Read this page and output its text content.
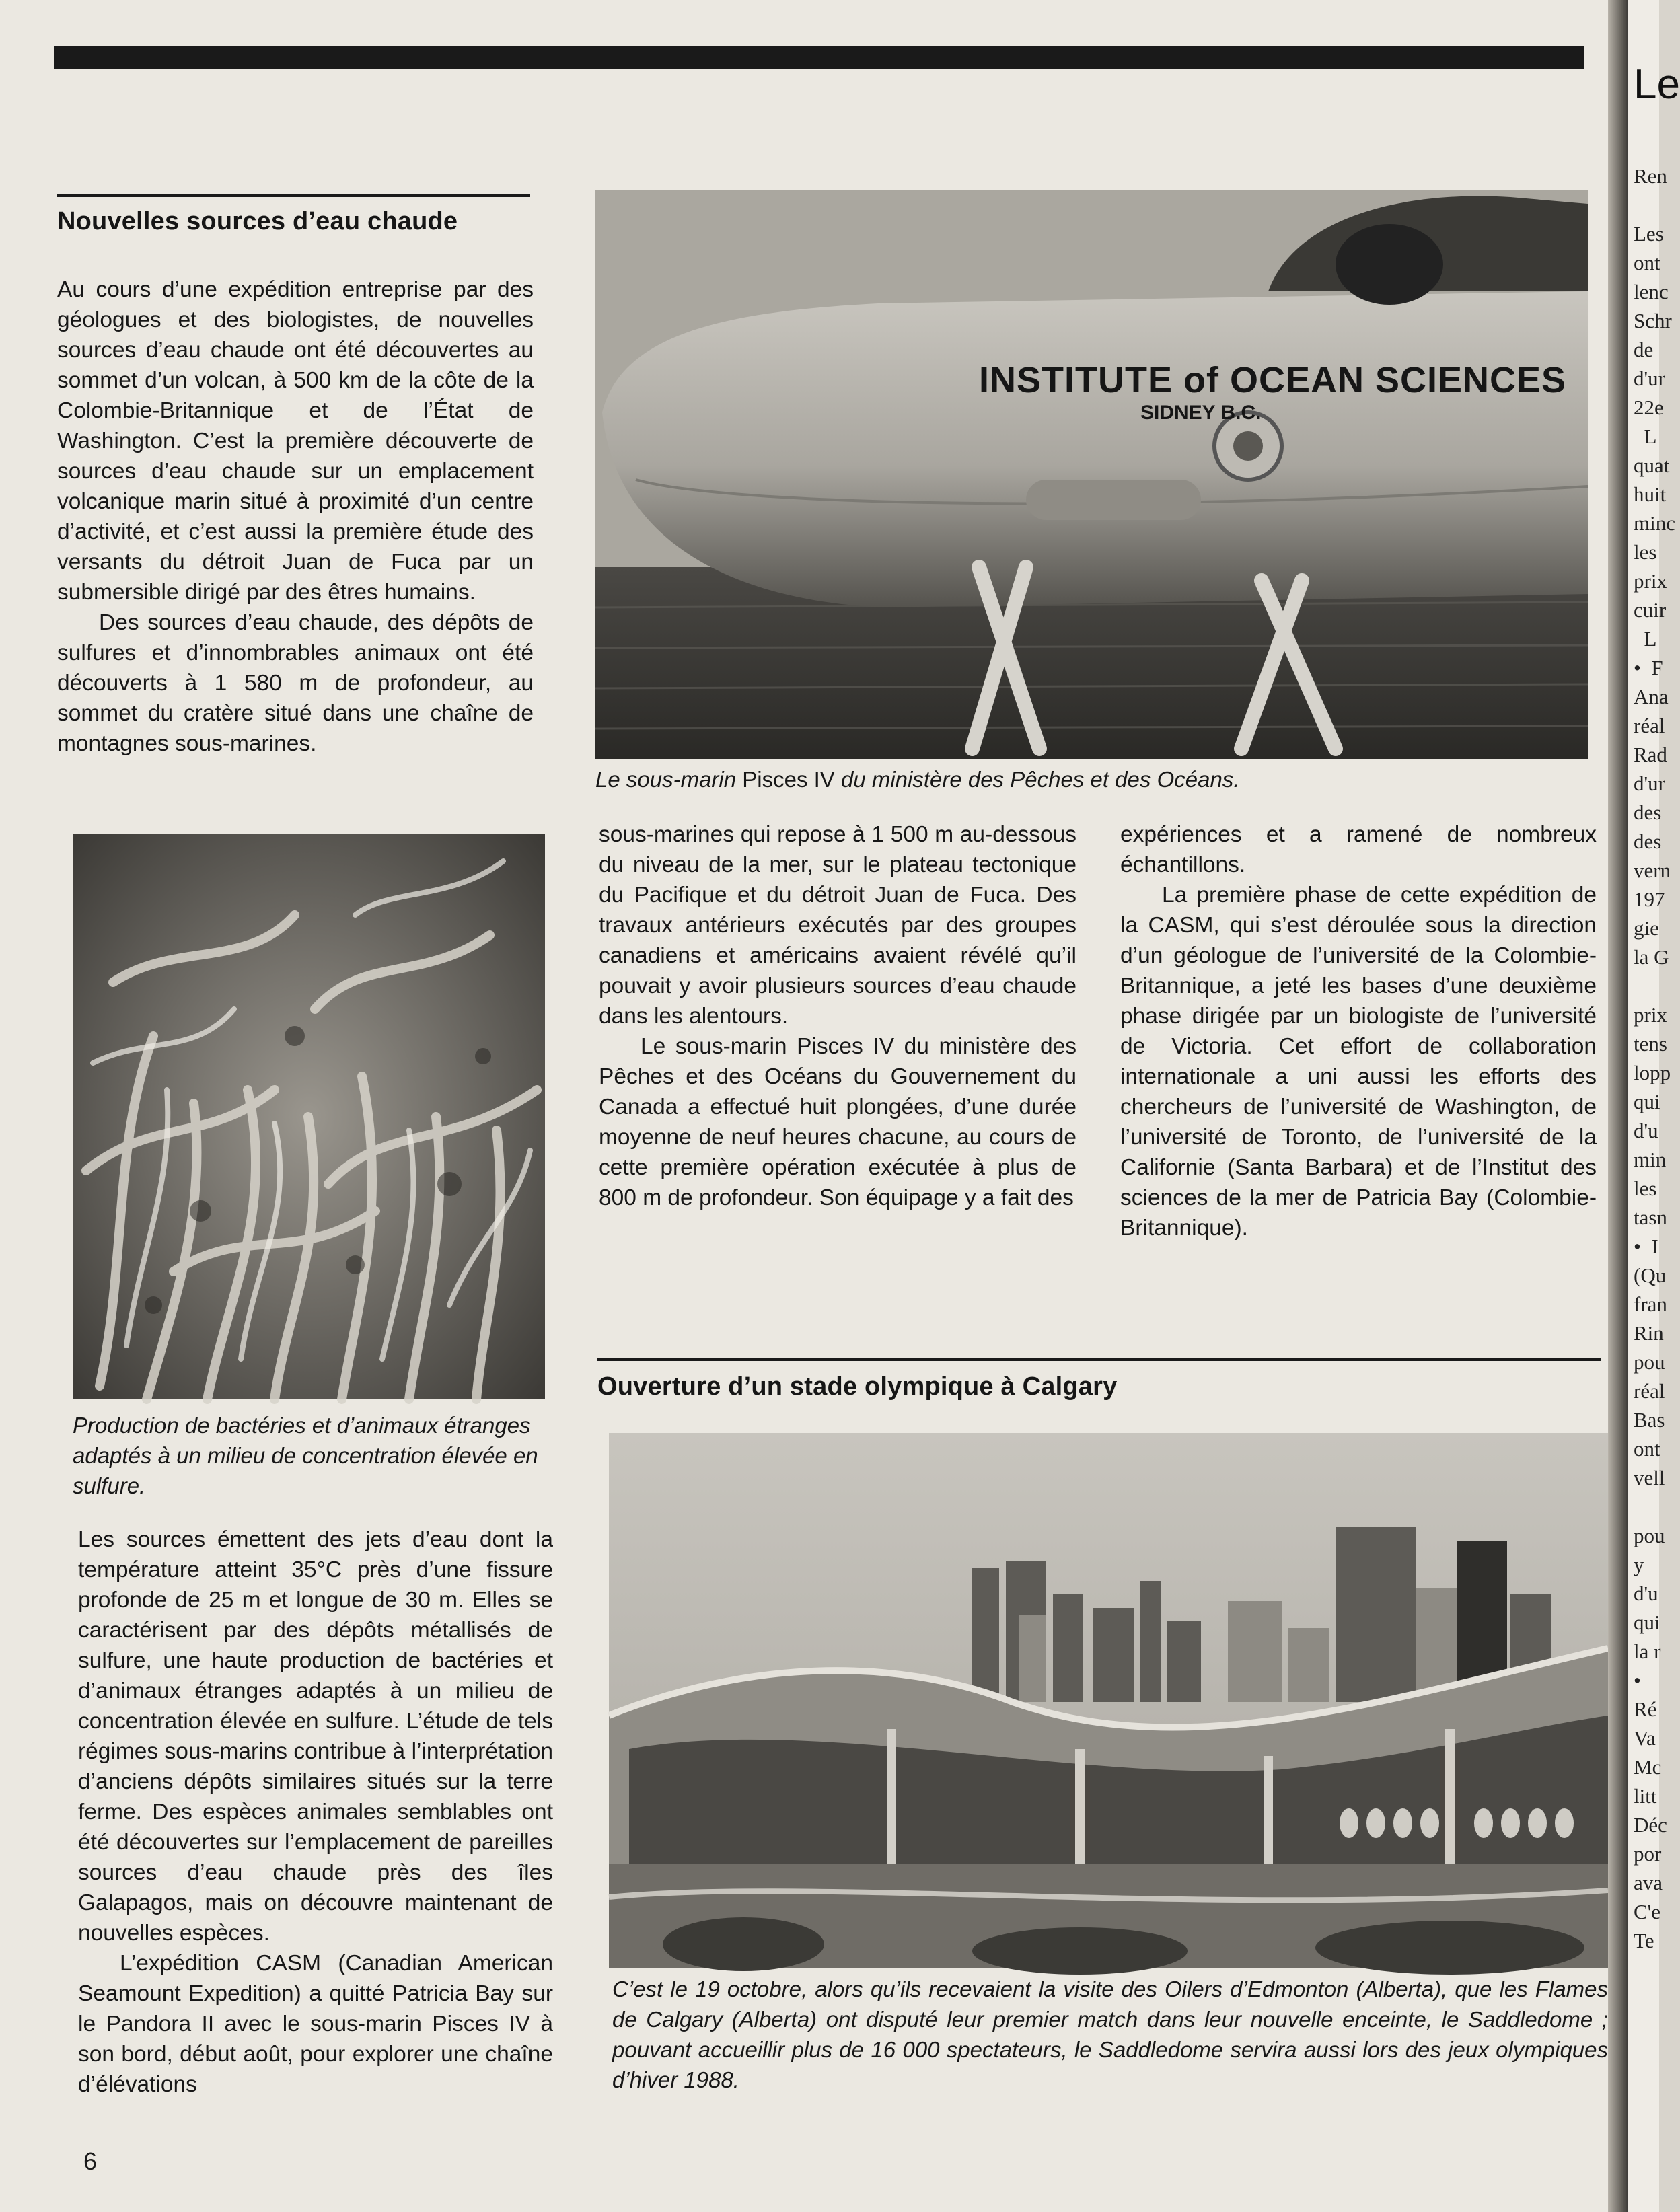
Nouvelles sources d’eau chaude

Au cours d’une expédition entreprise par des géologues et des biologistes, de nouvelles sources d’eau chaude ont été découvertes au sommet d’un volcan, à 500 km de la côte de la Colombie-Britannique et de l’État de Washington. C’est la première découverte de sources d’eau chaude sur un emplacement volcanique marin situé à proximité d’un centre d’activité, et c’est aussi la première étude des versants du détroit Juan de Fuca par un submersible dirigé par des êtres humains.

Des sources d’eau chaude, des dépôts de sulfures et d’innombrables animaux ont été découverts à 1 580 m de profondeur, au sommet du cratère situé dans une chaîne de montagnes sous-marines.

Production de bactéries et d’animaux étranges adaptés à un milieu de concentration élevée en sulfure.

Les sources émettent des jets d’eau dont la température atteint 35°C près d’une fissure profonde de 25 m et longue de 30 m. Elles se caractérisent par des dépôts métallisés de sulfure, une haute production de bactéries et d’animaux étranges adaptés à un milieu de concentration élevée en sulfure. L’étude de tels régimes sous-marins contribue à l’interprétation d’anciens dépôts similaires situés sur la terre ferme. Des espèces animales semblables ont été découvertes sur l’emplacement de pareilles sources d’eau chaude près des îles Galapagos, mais on découvre maintenant de nouvelles espèces.

L’expédition CASM (Canadian American Seamount Expedition) a quitté Patricia Bay sur le Pandora II avec le sous-marin Pisces IV à son bord, début août, pour explorer une chaîne d’élévations

INSTITUTE of OCEAN SCIENCES
SIDNEY B.C.
Le sous-marin Pisces IV du ministère des Pêches et des Océans.

sous-marines qui repose à 1 500 m au-dessous du niveau de la mer, sur le plateau tectonique du Pacifique et du détroit Juan de Fuca. Des travaux antérieurs exécutés par des groupes canadiens et américains avaient révélé qu’il pouvait y avoir plusieurs sources d’eau chaude dans les alentours.

Le sous-marin Pisces IV du ministère des Pêches et des Océans du Gouvernement du Canada a effectué huit plongées, d’une durée moyenne de neuf heures chacune, au cours de cette première opération exécutée à plus de 800 m de profondeur. Son équipage y a fait des

expériences et a ramené de nombreux échantillons.

La première phase de cette expédition de la CASM, qui s’est déroulée sous la direction d’un géologue de l’université de la Colombie-Britannique, a jeté les bases d’une deuxième phase dirigée par un biologiste de l’université de Victoria. Cet effort de collaboration internationale a uni aussi les efforts des chercheurs de l’université de Washington, de l’université de Toronto, de l’université de la Californie (Santa Barbara) et de l’Institut des sciences de la mer de Patricia Bay (Colombie-Britannique).

Ouverture d’un stade olympique à Calgary
C’est le 19 octobre, alors qu’ils recevaient la visite des Oilers d’Edmonton (Alberta), que les Flames de Calgary (Alberta) ont disputé leur premier match dans leur nouvelle enceinte, le Saddledome ; pouvant accueillir plus de 16 000 spectateurs, le Saddledome servira aussi lors des jeux olympiques d’hiver 1988.
6
Le
Ren

Les
ont
lenc
Schr
de
d'ur
22e
L
quat
huit
minc
les
prix
cuir
L
•  F
Ana
réal
Rad
d'ur
des
des
vern
197
gie
la G

prix
tens
lopp
qui
d'u
min
les
tasn
•  I
(Qu
fran
Rin
pou
réal
Bas
ont
vell

pou
y
d'u
qui
la r
•
Ré
Va
Mc
litt
Déc
por
ava
C'e
Te
